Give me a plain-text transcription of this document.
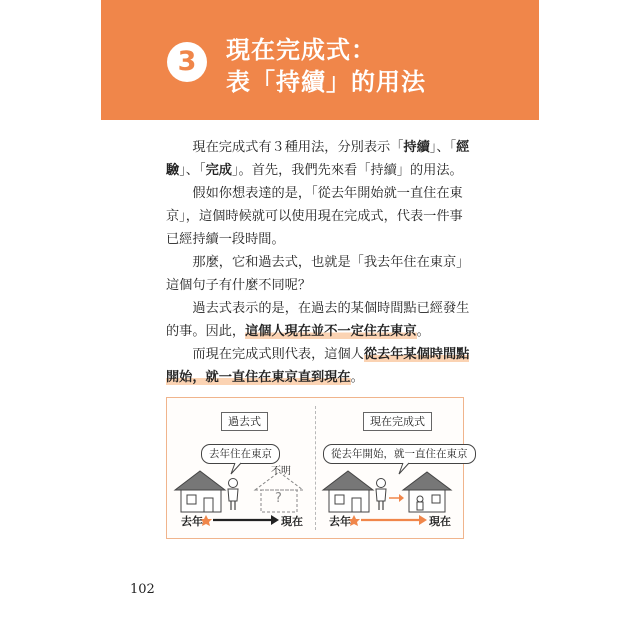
3	現在完成式：
表「持續」的用法

現在完成式有３種用法，分別表示「持續」、「經驗」、「完成」。首先，我們先來看「持續」的用法。

假如你想表達的是，「從去年開始就一直住在東京」，這個時候就可以使用現在完成式，代表一件事已經持續一段時間。

那麼，它和過去式，也就是「我去年住在東京」這個句子有什麼不同呢？

過去式表示的是，在過去的某個時間點已經發生的事。因此，這個人現在並不一定住在東京。

而現在完成式則代表，這個人從去年某個時間點開始，就一直住在東京直到現在。

過去式
去年住在東京
?
不明
去年	現在
現在完成式
從去年開始，就一直住在東京
去年	現在
102
